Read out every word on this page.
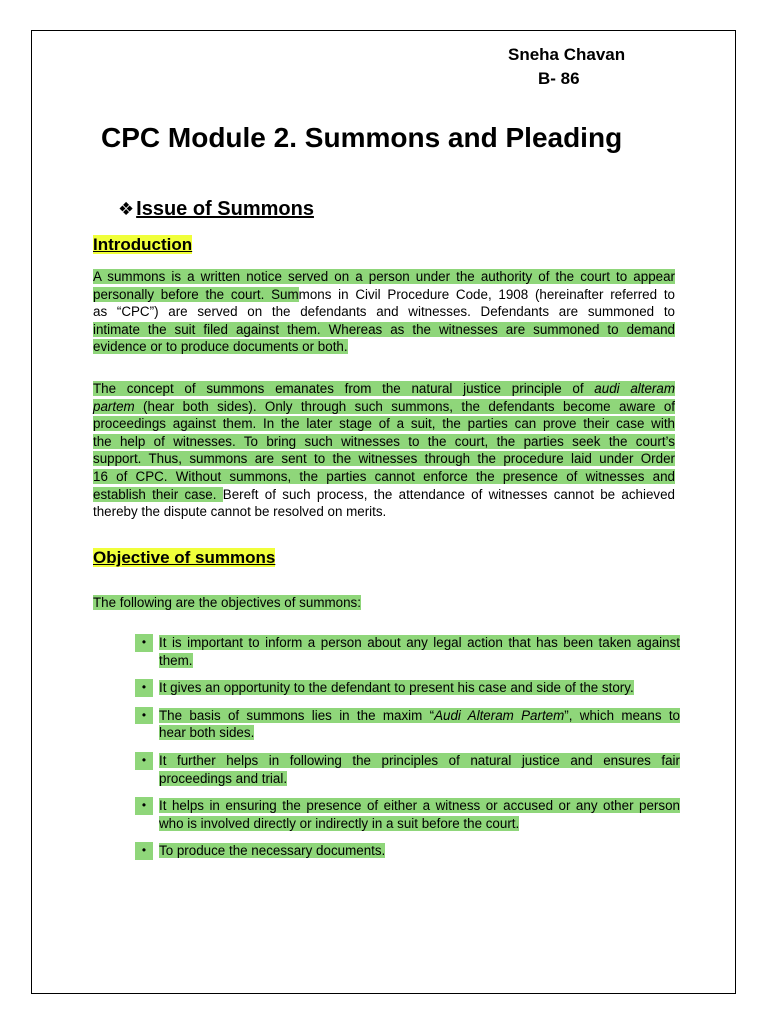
Sneha Chavan
B- 86
CPC Module 2. Summons and Pleading
❖ Issue of Summons
Introduction
A summons is a written notice served on a person under the authority of the court to appear
personally before the court. Summons in Civil Procedure Code, 1908 (hereinafter referred to
as “CPC”) are served on the defendants and witnesses. Defendants are summoned to
intimate the suit filed against them. Whereas as the witnesses are summoned to demand
evidence or to produce documents or both.
The concept of summons emanates from the natural justice principle of audi alteram
partem (hear both sides). Only through such summons, the defendants become aware of
proceedings against them. In the later stage of a suit, the parties can prove their case with
the help of witnesses. To bring such witnesses to the court, the parties seek the court’s
support. Thus, summons are sent to the witnesses through the procedure laid under Order
16 of CPC. Without summons, the parties cannot enforce the presence of witnesses and
establish their case. Bereft of such process, the attendance of witnesses cannot be achieved
thereby the dispute cannot be resolved on merits.
Objective of summons
The following are the objectives of summons:
• It is important to inform a person about any legal action that has been taken against
them.
• It gives an opportunity to the defendant to present his case and side of the story.
• The basis of summons lies in the maxim “Audi Alteram Partem”, which means to
hear both sides.
• It further helps in following the principles of natural justice and ensures fair
proceedings and trial.
• It helps in ensuring the presence of either a witness or accused or any other person
who is involved directly or indirectly in a suit before the court.
• To produce the necessary documents.
